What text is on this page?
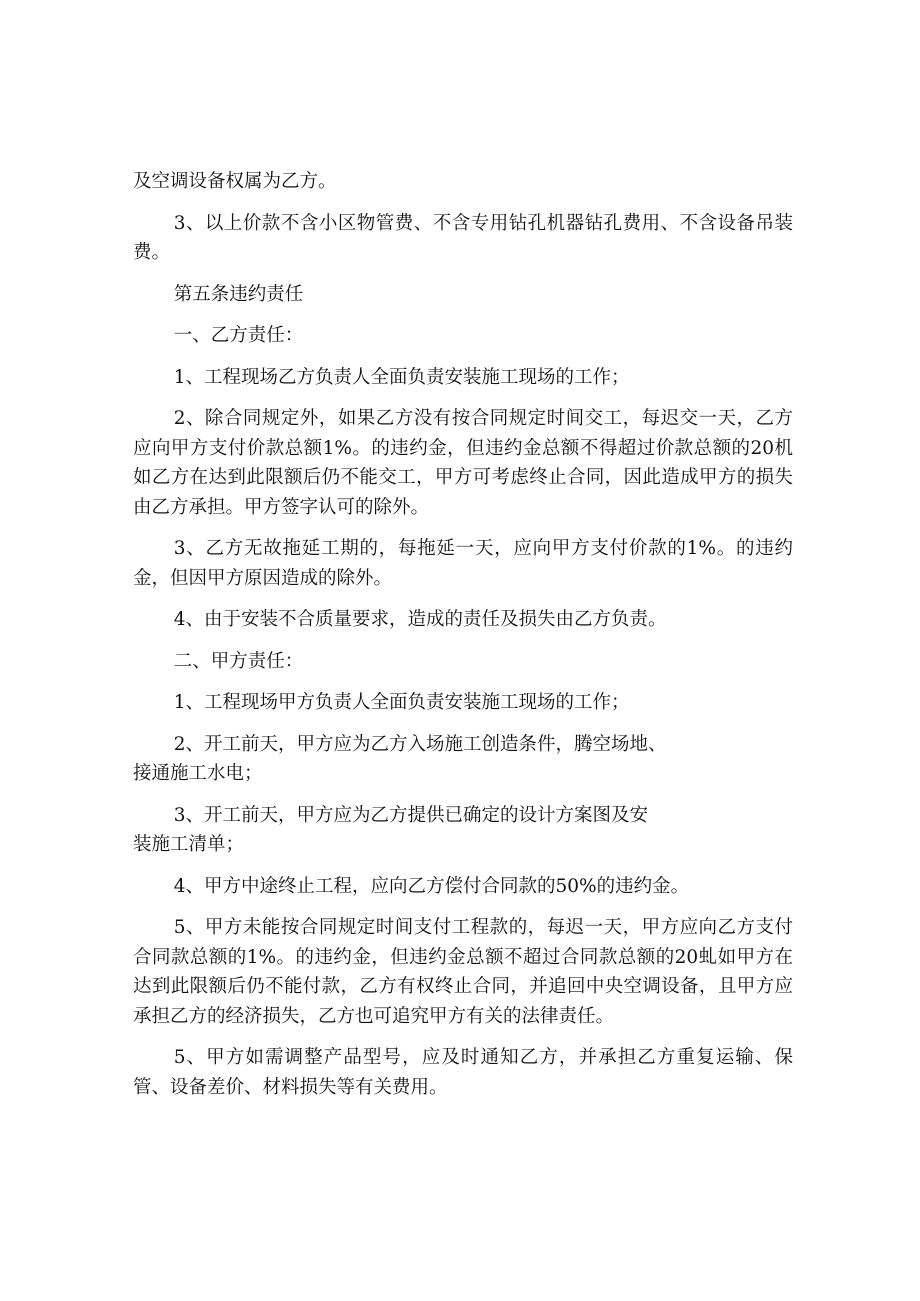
及空调设备权属为乙方。

3、以上价款不含小区物管费、不含专用钻孔机器钻孔费用、不含设备吊装费。

第五条违约责任

一、乙方责任：

1、工程现场乙方负责人全面负责安装施工现场的工作；

2、除合同规定外，如果乙方没有按合同规定时间交工，每迟交一天，乙方应向甲方支付价款总额1%。的违约金，但违约金总额不得超过价款总额的20机如乙方在达到此限额后仍不能交工，甲方可考虑终止合同，因此造成甲方的损失由乙方承担。甲方签字认可的除外。

3、乙方无故拖延工期的，每拖延一天，应向甲方支付价款的1%。的违约金，但因甲方原因造成的除外。

4、由于安装不合质量要求，造成的责任及损失由乙方负责。

二、甲方责任：

1、工程现场甲方负责人全面负责安装施工现场的工作；

2、开工前天，甲方应为乙方入场施工创造条件，腾空场地、
接通施工水电；

3、开工前天，甲方应为乙方提供已确定的设计方案图及安
装施工清单；

4、甲方中途终止工程，应向乙方偿付合同款的50%的违约金。

5、甲方未能按合同规定时间支付工程款的，每迟一天，甲方应向乙方支付合同款总额的1%。的违约金，但违约金总额不超过合同款总额的20虬如甲方在达到此限额后仍不能付款，乙方有权终止合同，并追回中央空调设备，且甲方应承担乙方的经济损失，乙方也可追究甲方有关的法律责任。

5、甲方如需调整产品型号，应及时通知乙方，并承担乙方重复运输、保管、设备差价、材料损失等有关费用。
